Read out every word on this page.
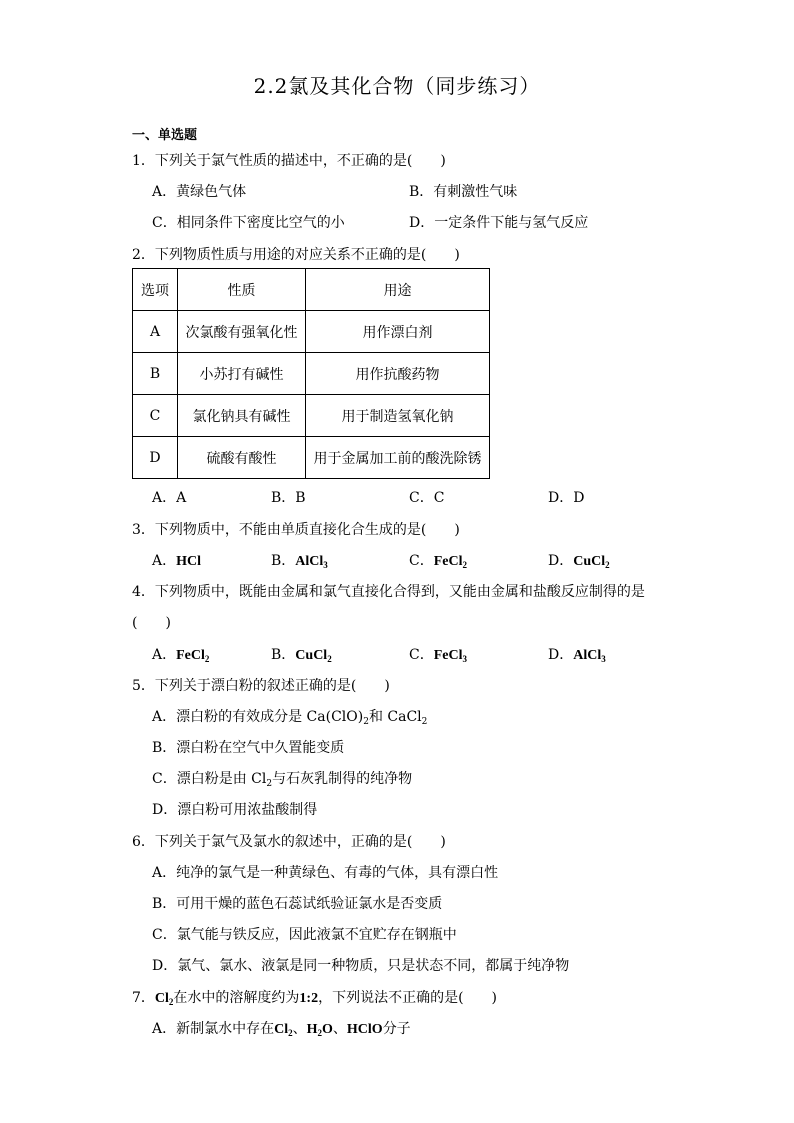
2.2氯及其化合物（同步练习）
一、单选题
1．下列关于氯气性质的描述中，不正确的是(　　)
A．黄绿色气体	B．有刺激性气味
C．相同条件下密度比空气的小	D．一定条件下能与氢气反应
2．下列物质性质与用途的对应关系不正确的是(　　)
选项	性质	用途
A	次氯酸有强氧化性	用作漂白剂
B	小苏打有碱性	用作抗酸药物
C	氯化钠具有碱性	用于制造氢氧化钠
D	硫酸有酸性	用于金属加工前的酸洗除锈
A．A	B．B	C．C	D．D
3．下列物质中，不能由单质直接化合生成的是(　　)
A．HCl	B．AlCl$_3$	C．FeCl$_2$	D．CuCl$_2$
4．下列物质中，既能由金属和氯气直接化合得到，又能由金属和盐酸反应制得的是
(　　)
A．FeCl$_2$	B．CuCl$_2$	C．FeCl$_3$	D．AlCl$_3$
5．下列关于漂白粉的叙述正确的是(　　)
A．漂白粉的有效成分是 $Ca(ClO)_2$和 CaCl$_2$
B．漂白粉在空气中久置能变质
C．漂白粉是由 $Cl_2$与石灰乳制得的纯净物
D．漂白粉可用浓盐酸制得
6．下列关于氯气及氯水的叙述中，正确的是(　　)
A．纯净的氯气是一种黄绿色、有毒的气体，具有漂白性
B．可用干燥的蓝色石蕊试纸验证氯水是否变质
C．氯气能与铁反应，因此液氯不宜贮存在钢瓶中
D．氯气、氯水、液氯是同一种物质，只是状态不同，都属于纯净物
7．$Cl_2$在水中的溶解度约为1:2，下列说法不正确的是(　　)
A．新制氯水中存在$Cl_2$、$H_2O$、HClO分子
